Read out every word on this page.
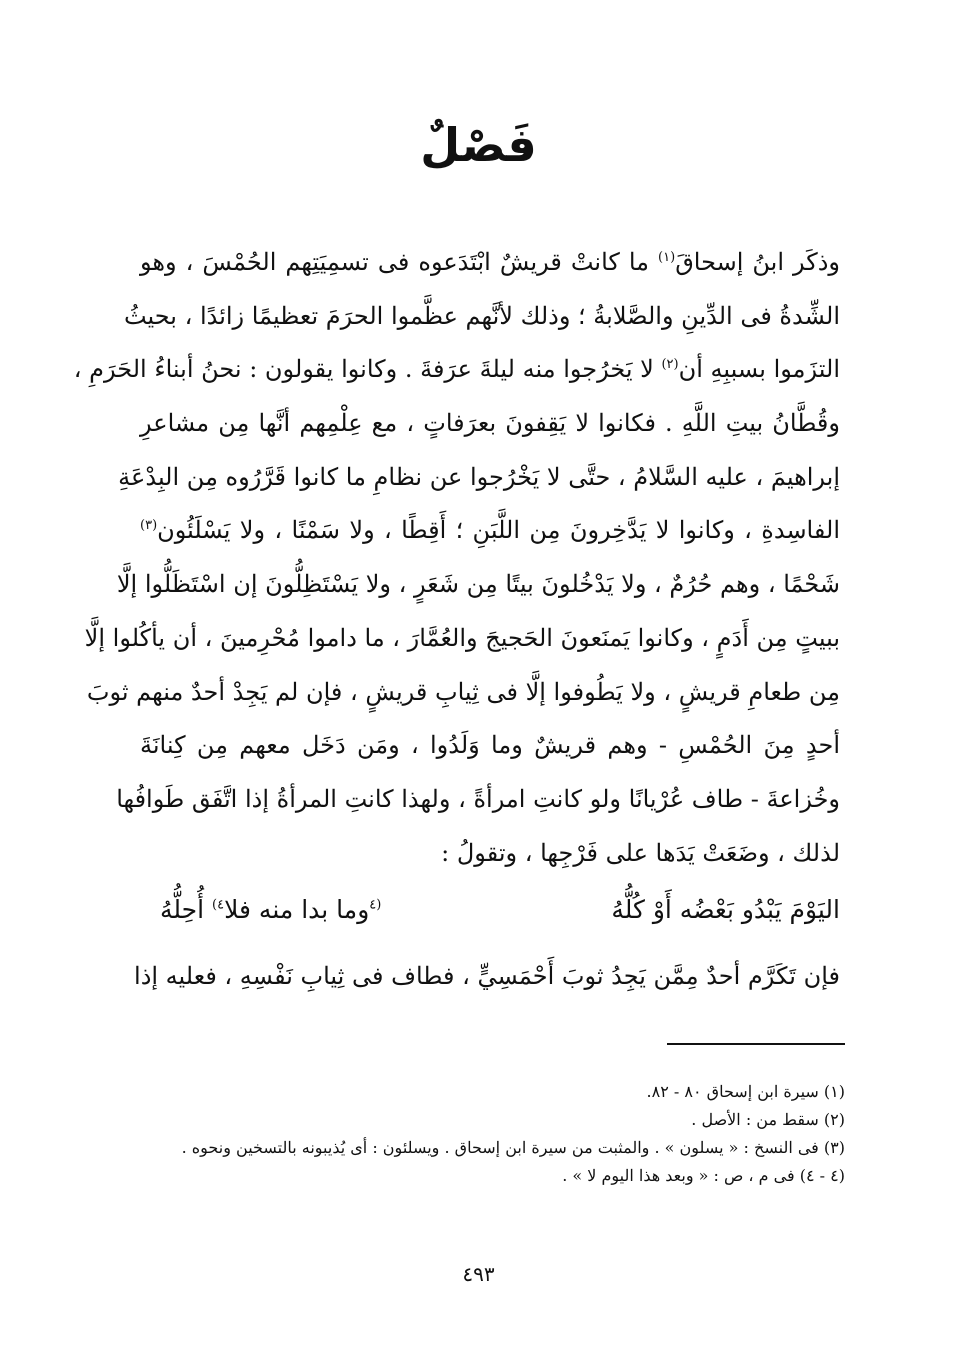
فَصْلٌ
وذكَر ابنُ إسحاقَ$^{(١)}$ ما كانتْ قريشٌ ابْتَدَعوه فى تسمِيَتِهم الحُمْسَ ، وهو
الشِّدةُ فى الدِّينِ والصَّلابةُ ؛ وذلك لأنَّهم عظَّموا الحرَمَ تعظيمًا زائدًا ، بحيثُ
التزَموا بسببِهِ أن$^{(٢)}$ لا يَخرُجوا منه ليلةَ عرَفةَ . وكانوا يقولون : نحنُ أبناءُ الحَرَمِ ،
وقُطَّانُ بيتِ اللَّهِ . فكانوا لا يَقِفونَ بعرَفاتٍ ، مع عِلْمِهم أنَّها مِن مشاعرِ
إبراهيمَ ، عليه السَّلامُ ، حتَّى لا يَخْرُجوا عن نظامِ ما كانوا قَرَّرُوه مِن البِدْعَةِ
الفاسِدةِ ، وكانوا لا يَدَّخِرونَ مِن اللَّبَنِ ؛ أَقِطًا ، ولا سَمْنًا ، ولا يَسْلَئُون$^{(٣)}$
شَحْمًا ، وهم حُرُمٌ ، ولا يَدْخُلونَ بيتًا مِن شَعَرٍ ، ولا يَسْتَظِلُّونَ إن اسْتَظَلُّوا إلَّا
ببيتٍ مِن أَدَمٍ ، وكانوا يَمنَعونَ الحَجيجَ والعُمَّارَ ، ما داموا مُحْرِمينَ ، أن يأكُلوا إلَّا
مِن طعامِ قريشٍ ، ولا يَطُوفوا إلَّا فى ثِيابِ قريشٍ ، فإن لم يَجِدْ أحدٌ منهم ثوبَ
أحدٍ مِنَ الحُمْسِ - وهم قريشٌ وما وَلَدُوا ، ومَن دَخَل معهم مِن كِنانَةَ
وخُزاعةَ - طاف عُرْيانًا ولو كانتِ امرأةً ، ولهذا كانتِ المرأةُ إذا اتَّفَق طَوافُها
لذلك ، وضَعَتْ يَدَها على فَرْجِها ، وتقولُ :
اليَوْمَ يَبْدُو بَعْضُه أَوْ كُلُّهُ
$^{(٤}$وما بدا منه فلا$^{٤)}$ أُحِلُّهُ
فإن تَكَرَّم أحدٌ مِمَّن يَجِدُ ثوبَ أَحْمَسِيٍّ ، فطاف فى ثِيابِ نَفْسِهِ ، فعليه إذا
(١) سيرة ابن إسحاق ٨٠ - ٨٢.
(٢) سقط من : الأصل .
(٣) فى النسخ : « يسلون » . والمثبت من سيرة ابن إسحاق . ويسلئون : أى يُذيبونه بالتسخين ونحوه .
(٤ - ٤) فى م ، ص : « وبعد هذا اليوم لا » .
٤٩٣
